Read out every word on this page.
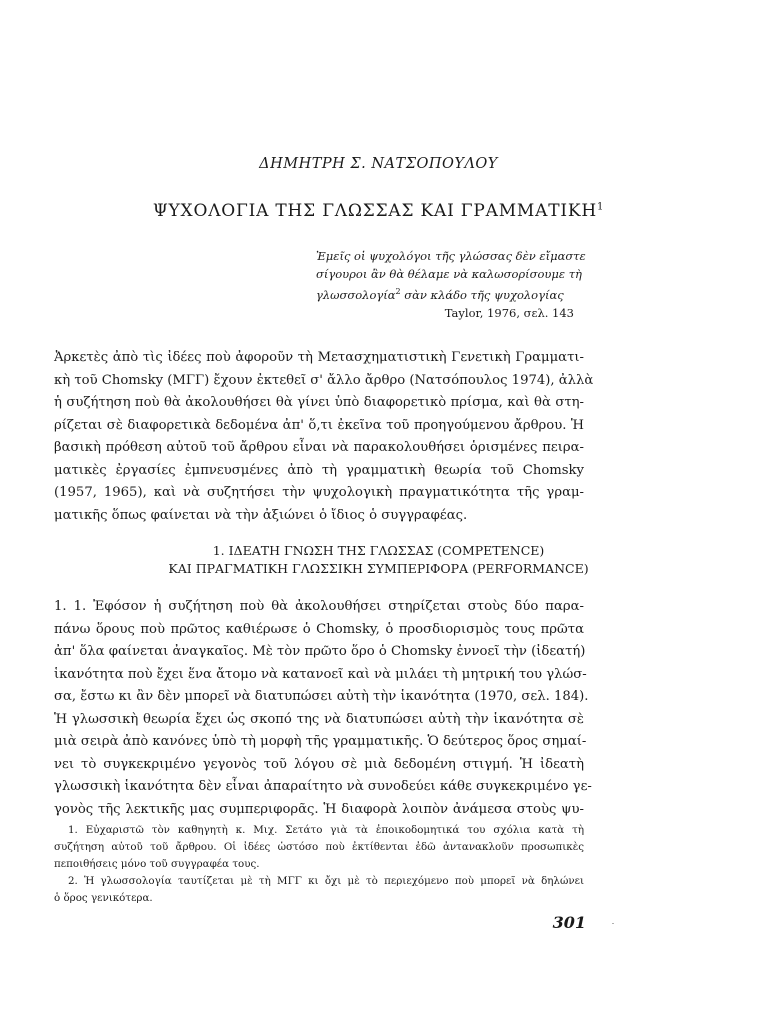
ΔΗΜΗΤΡΗ Σ. ΝΑΤΣΟΠΟΥΛΟΥ
ΨΥΧΟΛΟΓΙΑ ΤΗΣ ΓΛΩΣΣΑΣ ΚΑΙ ΓΡΑΜΜΑΤΙΚΗ$^1$
Ἐμεῖς οἱ ψυχολόγοι τῆς γλώσσας δὲν εἴμαστε
σίγουροι ἂν θὰ θέλαμε νὰ καλωσορίσουμε τὴ
γλωσσολογία$^2$ σὰν κλάδο τῆς ψυχολογίας
Taylor, 1976, σελ. 143
Ἀρκετὲς ἀπὸ τὶς ἰδέες ποὺ ἀφοροῦν τὴ Μετασχηματιστικὴ Γενετικὴ Γραμματι-
κὴ τοῦ Chomsky (ΜΓΓ) ἔχουν ἐκτεθεῖ σ' ἄλλο ἄρθρο (Νατσόπουλος 1974), ἀλλὰ
ἡ συζήτηση ποὺ θὰ ἀκολουθήσει θὰ γίνει ὑπὸ διαφορετικὸ πρίσμα, καὶ θὰ στη-
ρίζεται σὲ διαφορετικὰ δεδομένα ἀπ' ὅ,τι ἐκεῖνα τοῦ προηγούμενου ἄρθρου. Ἡ
βασικὴ πρόθεση αὐτοῦ τοῦ ἄρθρου εἶναι νὰ παρακολουθήσει ὁρισμένες πειρα-
ματικὲς ἐργασίες ἐμπνευσμένες ἀπὸ τὴ γραμματικὴ θεωρία τοῦ Chomsky
(1957, 1965), καὶ νὰ συζητήσει τὴν ψυχολογικὴ πραγματικότητα τῆς γραμ-
ματικῆς ὅπως φαίνεται νὰ τὴν ἀξιώνει ὁ ἴδιος ὁ συγγραφέας.
1. ΙΔΕΑΤΗ ΓΝΩΣΗ ΤΗΣ ΓΛΩΣΣΑΣ (COMPETENCE)
ΚΑΙ ΠΡΑΓΜΑΤΙΚΗ ΓΛΩΣΣΙΚΗ ΣΥΜΠΕΡΙΦΟΡΑ (PERFORMANCE)
1. 1. Ἐφόσον ἡ συζήτηση ποὺ θὰ ἀκολουθήσει στηρίζεται στοὺς δύο παρα-
πάνω ὅρους ποὺ πρῶτος καθιέρωσε ὁ Chomsky, ὁ προσδιορισμὸς τους πρῶτα
ἀπ' ὅλα φαίνεται ἀναγκαῖος. Μὲ τὸν πρῶτο ὅρο ὁ Chomsky ἐννοεῖ τὴν (ἰδεατή)
ἱκανότητα ποὺ ἔχει ἕνα ἄτομο νὰ κατανοεῖ καὶ νὰ μιλάει τὴ μητρική του γλώσ-
σα, ἔστω κι ἂν δὲν μπορεῖ νὰ διατυπώσει αὐτὴ τὴν ἱκανότητα (1970, σελ. 184).
Ἡ γλωσσικὴ θεωρία ἔχει ὡς σκοπό της νὰ διατυπώσει αὐτὴ τὴν ἱκανότητα σὲ
μιὰ σειρὰ ἀπὸ κανόνες ὑπὸ τὴ μορφὴ τῆς γραμματικῆς. Ὁ δεύτερος ὅρος σημαί-
νει τὸ συγκεκριμένο γεγονὸς τοῦ λόγου σὲ μιὰ δεδομένη στιγμή. Ἡ ἰδεατὴ
γλωσσικὴ ἱκανότητα δὲν εἶναι ἀπαραίτητο νὰ συνοδεύει κάθε συγκεκριμένο γε-
γονὸς τῆς λεκτικῆς μας συμπεριφορᾶς. Ἡ διαφορὰ λοιπὸν ἀνάμεσα στοὺς ψυ-
1. Εὐχαριστῶ τὸν καθηγητὴ κ. Μιχ. Σετάτο γιὰ τὰ ἐποικοδομητικά του σχόλια κατὰ τὴ
συζήτηση αὐτοῦ τοῦ ἄρθρου. Οἱ ἰδέες ὡστόσο ποὺ ἐκτίθενται ἐδῶ ἀντανακλοῦν προσωπικὲς
πεποιθήσεις μόνο τοῦ συγγραφέα τους.
2. Ἡ γλωσσολογία ταυτίζεται μὲ τὴ ΜΓΓ κι ὄχι μὲ τὸ περιεχόμενο ποὺ μπορεῖ νὰ δηλώνει
ὁ ὅρος γενικότερα.
301
